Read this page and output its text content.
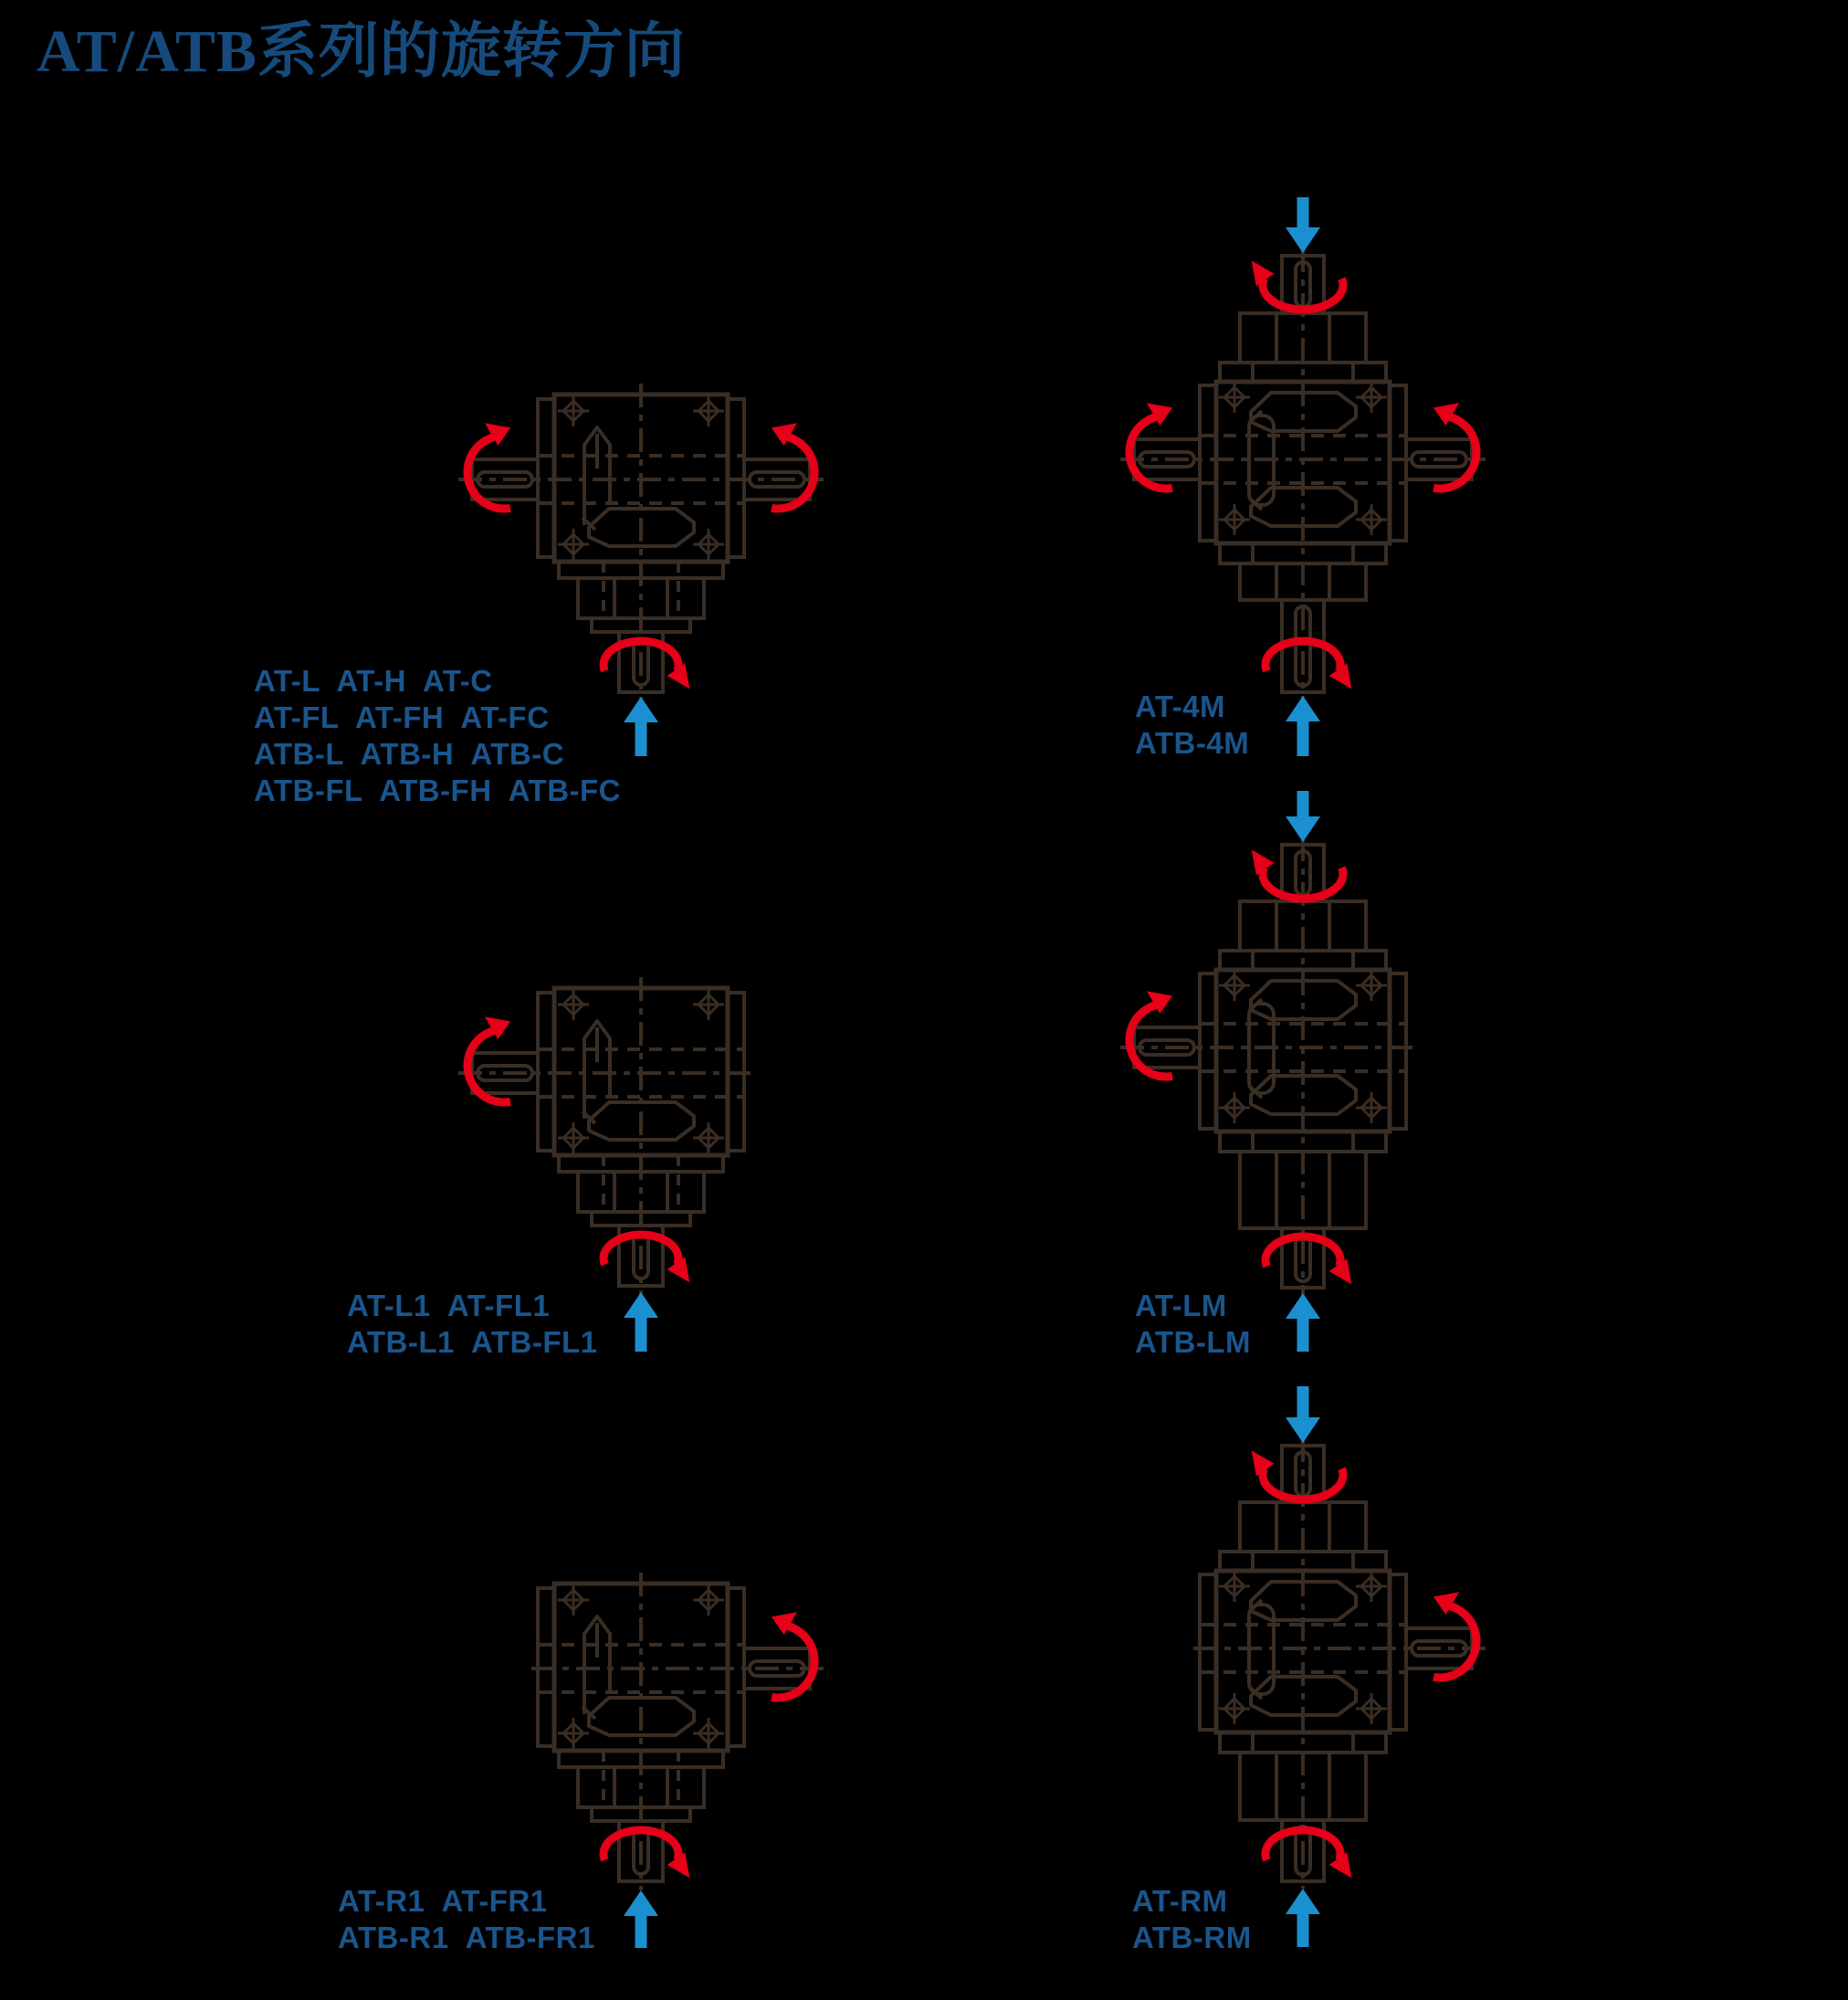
AT/ATB系列的旋转方向
AT-L  AT-H  AT-C
AT-FL  AT-FH  AT-FC
ATB-L  ATB-H  ATB-C
ATB-FL  ATB-FH  ATB-FC
AT-4M
ATB-4M
AT-L1  AT-FL1
ATB-L1  ATB-FL1
AT-LM
ATB-LM
AT-R1  AT-FR1
ATB-R1  ATB-FR1
AT-RM
ATB-RM
